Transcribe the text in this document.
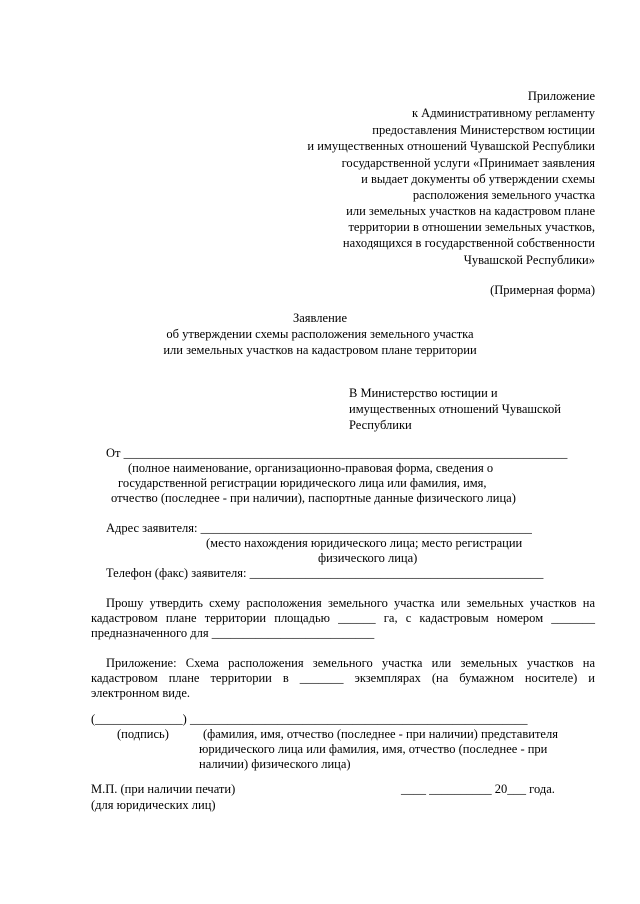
Приложение

к Административному регламенту

предоставления Министерством юстиции

и имущественных отношений Чувашской Республики

государственной услуги «Принимает заявления

и выдает документы об утверждении схемы

расположения земельного участка

или земельных участков на кадастровом плане

территории в отношении земельных участков,

находящихся в государственной собственности

Чувашской Республики»

(Примерная форма)

Заявление

об утверждении схемы расположения земельного участка

или земельных участков на кадастровом плане территории

В Министерство юстиции и

имущественных отношений Чувашской

Республики

От _______________________________________________________________________

(полное наименование, организационно-правовая форма, сведения о

государственной регистрации юридического лица или фамилия, имя,

отчество (последнее - при наличии), паспортные данные физического лица)

Адрес заявителя: _____________________________________________________

(место нахождения юридического лица; место регистрации

физического лица)

Телефон (факс) заявителя: _______________________________________________

Прошу утвердить схему расположения земельного участка или земельных участков на

кадастровом плане территории площадью ______ га, с кадастровым номером _______

предназначенного для __________________________

Приложение: Схема расположения земельного участка или земельных участков на

кадастровом плане территории в _______ экземплярах (на бумажном носителе) и

электронном виде.

(______________) ______________________________________________________

(подпись)	(фамилия, имя, отчество (последнее - при наличии) представителя

юридического лица или фамилия, имя, отчество (последнее - при

наличии) физического лица)

М.П. (при наличии печати)	____ __________ 20___ года.

(для юридических лиц)
